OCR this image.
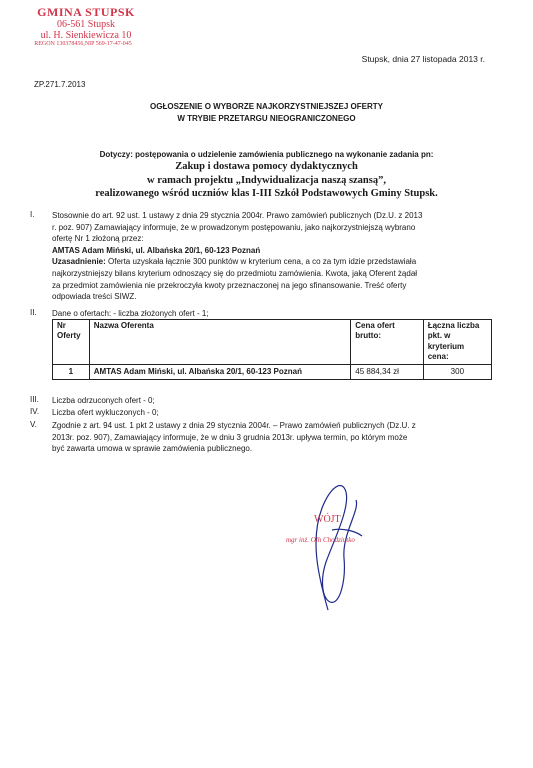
GMINA STUPSK
06-561 Stupsk
ul. H. Sienkiewicza 10
REGON 130378456,NIP 569-17-47-045
ZP.271.7.2013
Stupsk, dnia 27 listopada 2013 r.
OGŁOSZENIE O WYBORZE NAJKORZYSTNIEJSZEJ OFERTY
W TRYBIE PRZETARGU NIEOGRANICZONEGO
Dotyczy: postępowania o udzielenie zamówienia publicznego na wykonanie zadania pn:
Zakup i dostawa pomocy dydaktycznych
w ramach projektu „Indywidualizacja naszą szansą”,
realizowanego wśród uczniów klas I-III Szkół Podstawowych Gminy Stupsk.
I. Stosownie do art. 92 ust. 1 ustawy z dnia 29 stycznia 2004r. Prawo zamówień publicznych (Dz.U. z 2013
r. poz. 907) Zamawiający informuje, że w prowadzonym postępowaniu, jako najkorzystniejszą wybrano
ofertę Nr 1 złożoną przez:
AMTAS Adam Miński, ul. Albańska 20/1, 60-123 Poznań
Uzasadnienie: Oferta uzyskała łącznie 300 punktów w kryterium cena, a co za tym idzie przedstawiała
najkorzystniejszy bilans kryterium odnoszący się do przedmiotu zamówienia. Kwota, jaką Oferent żądał
za przedmiot zamówienia nie przekroczyła kwoty przeznaczonej na jego sfinansowanie. Treść oferty
odpowiada treści SIWZ.
II. Dane o ofertach: - liczba złożonych ofert - 1;
Nr Oferty	Nazwa Oferenta	Cena ofert brutto:	Łączna liczba pkt. w kryterium cena:
1	AMTAS Adam Miński, ul. Albańska 20/1, 60-123 Poznań	45 884,34 zł	300
III. Liczba odrzuconych ofert - 0;
IV. Liczba ofert wykluczonych - 0;
V. Zgodnie z art. 94 ust. 1 pkt 2 ustawy z dnia 29 stycznia 2004r. – Prawo zamówień publicznych (Dz.U. z
2013r. poz. 907), Zamawiający informuje, że w dniu 3 grudnia 2013r. upływa termin, po którym może
być zawarta umowa w sprawie zamówienia publicznego.
WÓJT
mgr inż. Olh Chodziutko
